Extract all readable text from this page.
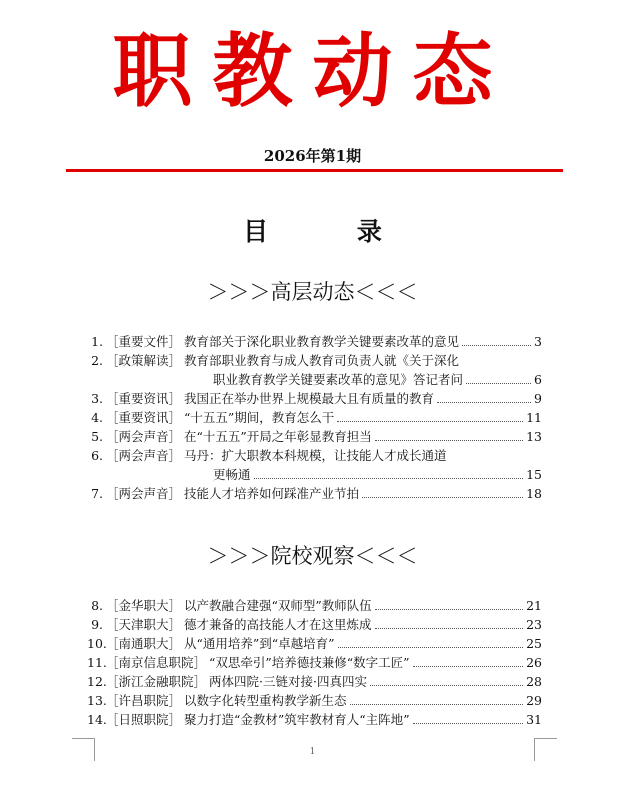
职教动态
2026年第1期
目 录
＞＞＞高层动态＜＜＜
1. ［重要文件］ 教育部关于深化职业教育教学关键要素改革的意见	3
2. ［政策解读］ 教育部职业教育与成人教育司负责人就《关于深化
职业教育教学关键要素改革的意见》答记者问	6
3. ［重要资讯］ 我国正在举办世界上规模最大且有质量的教育	9
4. ［重要资讯］ “十五五”期间，教育怎么干	11
5. ［两会声音］ 在“十五五”开局之年彰显教育担当	13
6. ［两会声音］ 马丹：扩大职教本科规模，让技能人才成长通道
更畅通	15
7. ［两会声音］ 技能人才培养如何踩准产业节拍	18
＞＞＞院校观察＜＜＜
8. ［金华职大］ 以产教融合建强“双师型”教师队伍	21
9. ［天津职大］ 德才兼备的高技能人才在这里炼成	23
10. ［南通职大］ 从“通用培养”到“卓越培育”	25
11. ［南京信息职院］ “双思牵引”培养德技兼修“数字工匠”	26
12. ［浙江金融职院］ 两体四院·三链对接·四真四实	28
13. ［许昌职院］ 以数字化转型重构教学新生态	29
14. ［日照职院］ 聚力打造“金教材”筑牢教材育人“主阵地”	31
1
